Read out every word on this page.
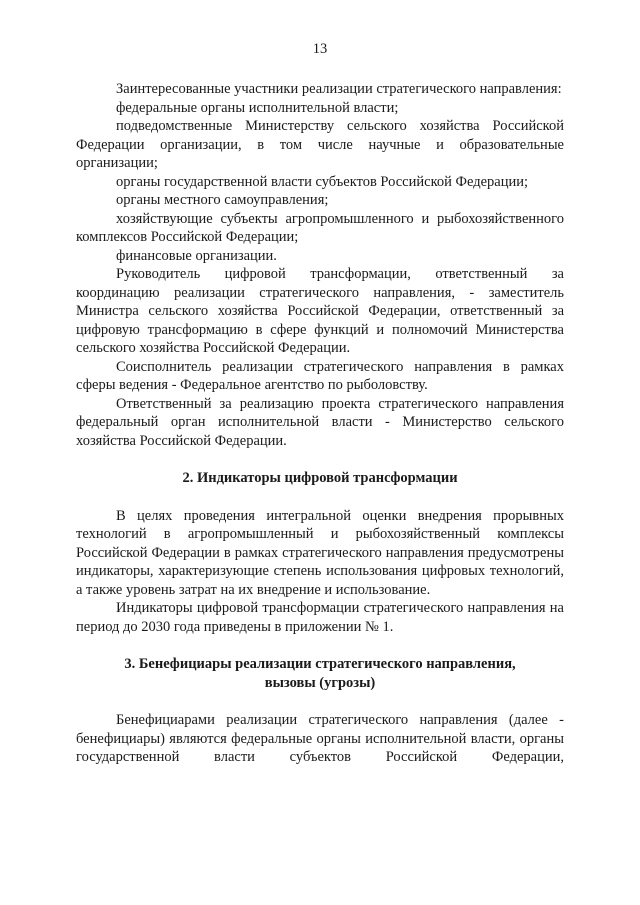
13

Заинтересованные участники реализации стратегического направления:

федеральные органы исполнительной власти;

подведомственные Министерству сельского хозяйства Российской Федерации организации, в том числе научные и образовательные организации;

органы государственной власти субъектов Российской Федерации;

органы местного самоуправления;

хозяйствующие субъекты агропромышленного и рыбохозяйственного комплексов Российской Федерации;

финансовые организации.

Руководитель цифровой трансформации, ответственный за координацию реализации стратегического направления, - заместитель Министра сельского хозяйства Российской Федерации, ответственный за цифровую трансформацию в сфере функций и полномочий Министерства сельского хозяйства Российской Федерации.

Соисполнитель реализации стратегического направления в рамках сферы ведения - Федеральное агентство по рыболовству.

Ответственный за реализацию проекта стратегического направления федеральный орган исполнительной власти - Министерство сельского хозяйства Российской Федерации.

2. Индикаторы цифровой трансформации

В целях проведения интегральной оценки внедрения прорывных технологий в агропромышленный и рыбохозяйственный комплексы Российской Федерации в рамках стратегического направления предусмотрены индикаторы, характеризующие степень использования цифровых технологий, а также уровень затрат на их внедрение и использование.

Индикаторы цифровой трансформации стратегического направления на период до 2030 года приведены в приложении № 1.

3. Бенефициары реализации стратегического направления,
вызовы (угрозы)

Бенефициарами реализации стратегического направления (далее - бенефициары) являются федеральные органы исполнительной власти, органы государственной власти субъектов Российской Федерации,
